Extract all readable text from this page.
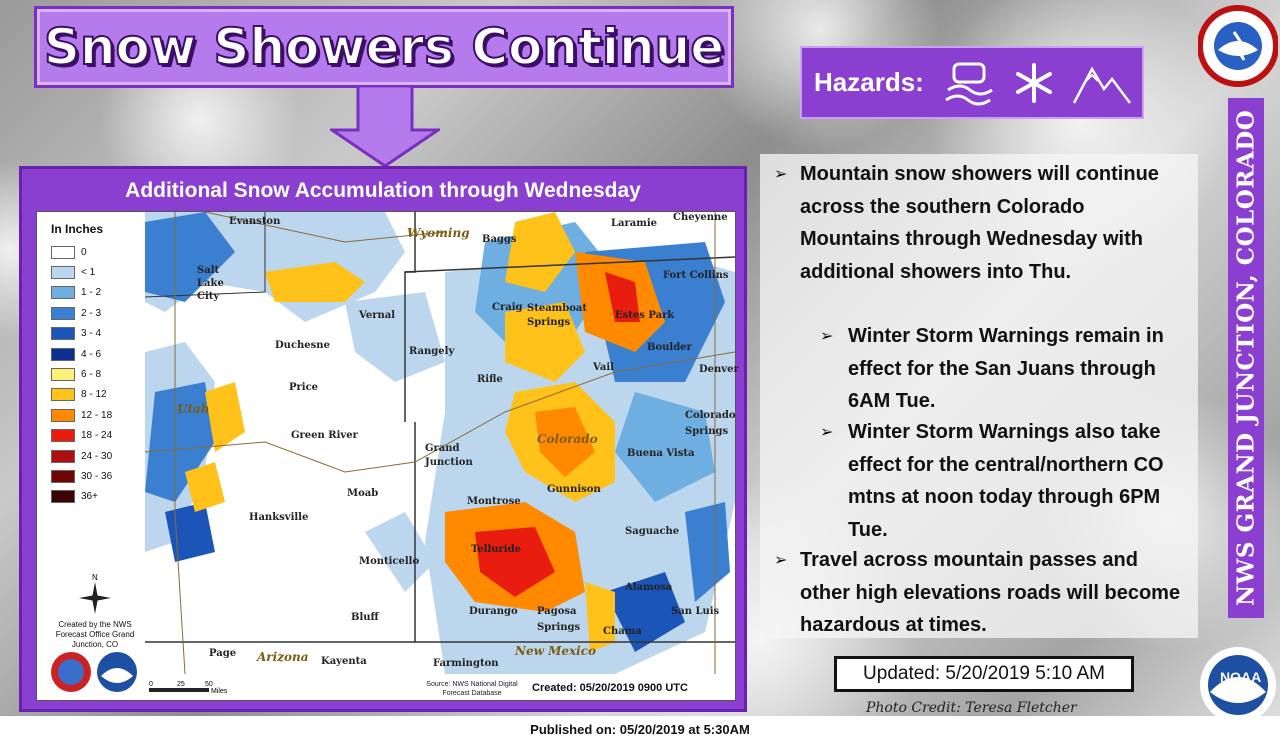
Snow Showers Continue
Additional Snow Accumulation through Wednesday
In Inches
0
< 1
1 - 2
2 - 3
3 - 4
4 - 6
6 - 8
8 - 12
12 - 18
18 - 24
24 - 30
30 - 36
36+
Wyoming
Utah
Colorado
Arizona	New Mexico
Evanston	Laramie
Cheyenne
Baggs
Salt Lake City
Fort Collins
Vernal
Craig Steamboat Springs
Estes Park
Duchesne
Rangely	Boulder
Denver
Price
Rifle
Vail
Green River
Grand Junction
Colorado Springs
Buena Vista
Moab
Montrose
Gunnison
Hanksville
Saguache
Monticello
Telluride
Alamosa
Durango Pagosa Springs
San Luis
Bluff
Chama
Page
Kayenta	Farmington
N
Created by the NWS Forecast Office Grand Junction, CO
0	25	50
Miles
Source: NWS National Digital Forecast Database	Created: 05/20/2019 0900 UTC
Hazards:
➢ Mountain snow showers will continue across the southern Colorado Mountains through Wednesday with additional showers into Thu.
➢ Winter Storm Warnings remain in effect for the San Juans through 6AM Tue.
➢ Winter Storm Warnings also take effect for the central/northern CO mtns at noon today through 6PM Tue.
➢ Travel across mountain passes and other high elevations roads will become hazardous at times.
Updated: 5/20/2019 5:10 AM
Photo Credit: Teresa Fletcher
NWS GRAND JUNCTION, COLORADO
NOAA
Published on: 05/20/2019 at 5:30AM
